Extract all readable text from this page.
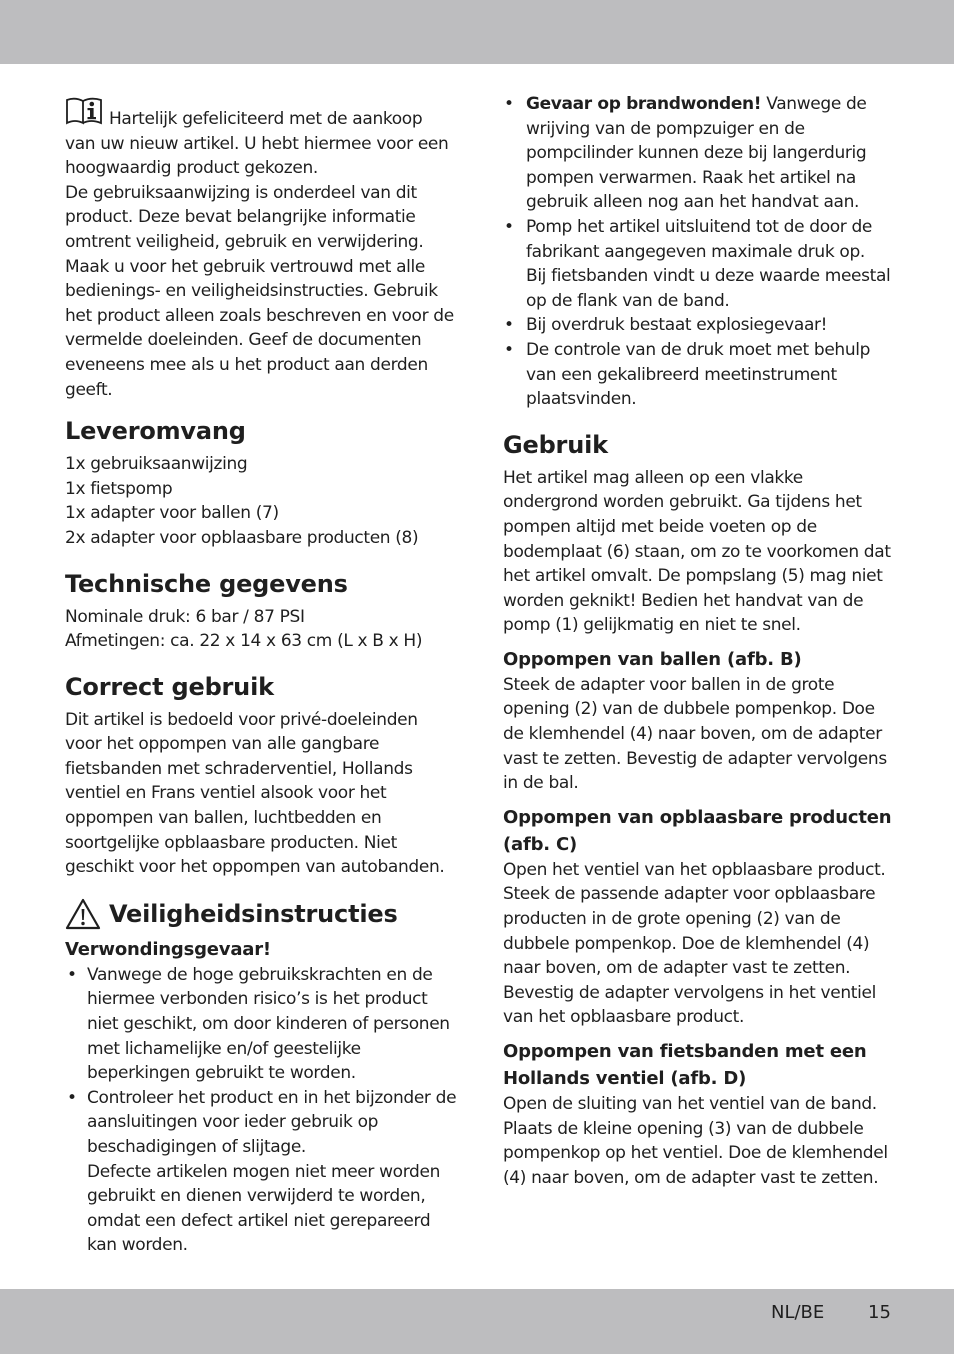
Hartelijk gefeliciteerd met de aankoop van uw nieuw artikel. U hebt hiermee voor een hoogwaardig product gekozen.

De gebruiksaanwijzing is onderdeel van dit product. Deze bevat belangrijke informatie omtrent veiligheid, gebruik en verwijdering. Maak u voor het gebruik vertrouwd met alle bedienings- en veiligheidsinstructies. Gebruik het product alleen zoals beschreven en voor de vermelde doeleinden. Geef de documenten eveneens mee als u het product aan derden geeft.

Leveromvang
1x gebruiksaanwijzing
1x fietspomp
1x adapter voor ballen (7)
2x adapter voor opblaasbare producten (8)
Technische gegevens
Nominale druk: 6 bar / 87 PSI
Afmetingen: ca. 22 x 14 x 63 cm (L x B x H)
Correct gebruik

Dit artikel is bedoeld voor privé-doeleinden voor het oppompen van alle gangbare fietsbanden met schraderventiel, Hollands ventiel en Frans ventiel alsook voor het oppompen van ballen, luchtbedden en soortgelijke opblaasbare producten. Niet geschikt voor het oppompen van autobanden.

Veiligheidsinstructies
Verwondingsgevaar!
• Vanwege de hoge gebruikskrachten en de hiermee verbonden risico’s is het product niet geschikt, om door kinderen of personen met lichamelijke en/of geestelijke beperkingen gebruikt te worden.
• Controleer het product en in het bijzonder de aansluitingen voor ieder gebruik op beschadigingen of slijtage.
Defecte artikelen mogen niet meer worden gebruikt en dienen verwijderd te worden, omdat een defect artikel niet gerepareerd kan worden.
• Gevaar op brandwonden! Vanwege de wrijving van de pompzuiger en de pompcilinder kunnen deze bij langerdurig pompen verwarmen. Raak het artikel na gebruik alleen nog aan het handvat aan.
• Pomp het artikel uitsluitend tot de door de fabrikant aangegeven maximale druk op.
Bij fietsbanden vindt u deze waarde meestal op de flank van de band.
• Bij overdruk bestaat explosiegevaar!
• De controle van de druk moet met behulp van een gekalibreerd meetinstrument plaatsvinden.
Gebruik

Het artikel mag alleen op een vlakke ondergrond worden gebruikt. Ga tijdens het pompen altijd met beide voeten op de bodemplaat (6) staan, om zo te voorkomen dat het artikel omvalt. De pompslang (5) mag niet worden geknikt! Bedien het handvat van de pomp (1) gelijkmatig en niet te snel.

Oppompen van ballen (afb. B)

Steek de adapter voor ballen in de grote opening (2) van de dubbele pompenkop. Doe de klemhendel (4) naar boven, om de adapter vast te zetten. Bevestig de adapter vervolgens in de bal.

Oppompen van opblaasbare producten (afb. C)

Open het ventiel van het opblaasbare product. Steek de passende adapter voor opblaasbare producten in de grote opening (2) van de dubbele pompenkop. Doe de klemhendel (4) naar boven, om de adapter vast te zetten.

Bevestig de adapter vervolgens in het ventiel van het opblaasbare product.

Oppompen van fietsbanden met een Hollands ventiel (afb. D)

Open de sluiting van het ventiel van de band. Plaats de kleine opening (3) van de dubbele pompenkop op het ventiel. Doe de klemhendel (4) naar boven, om de adapter vast te zetten.

NL/BE 15
